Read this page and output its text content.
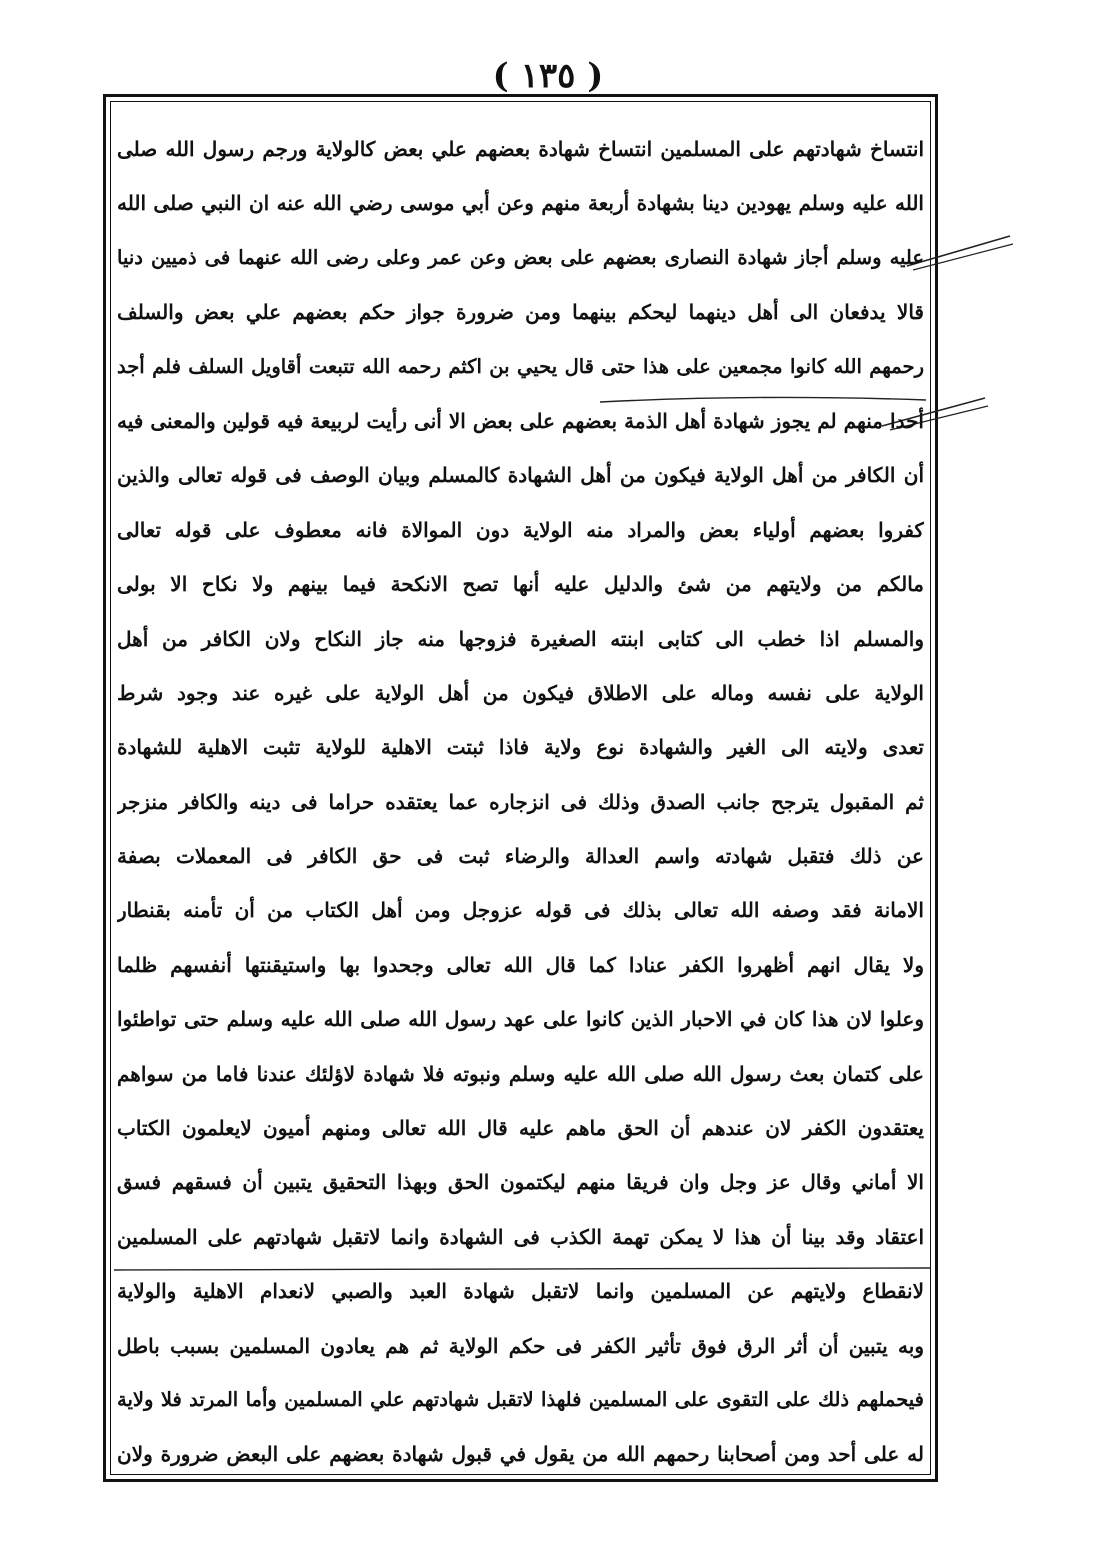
( ١٣٥ )
انتساخ شهادتهم على المسلمين انتساخ شهادة بعضهم علي بعض كالولاية ورجم رسول الله صلى
الله عليه وسلم يهودين دينا بشهادة أربعة منهم وعن أبي موسى رضي الله عنه ان النبي صلى الله
عليه وسلم أجاز شهادة النصارى بعضهم على بعض وعن عمر وعلى رضى الله عنهما فى ذميين دنيا
قالا يدفعان الى أهل دينهما ليحكم بينهما ومن ضرورة جواز حكم بعضهم علي بعض والسلف
رحمهم الله كانوا مجمعين على هذا حتى قال يحيي بن اكثم رحمه الله تتبعت أقاويل السلف فلم أجد
أحدا منهم لم يجوز شهادة أهل الذمة بعضهم على بعض الا أنى رأيت لربيعة فيه قولين والمعنى فيه
أن الكافر من أهل الولاية فيكون من أهل الشهادة كالمسلم وبيان الوصف فى قوله تعالى والذين
كفروا بعضهم أولياء بعض والمراد منه الولاية دون الموالاة فانه معطوف على قوله تعالى
مالكم من ولايتهم من شئ والدليل عليه أنها تصح الانكحة فيما بينهم ولا نكاح الا بولى
والمسلم اذا خطب الى كتابى ابنته الصغيرة فزوجها منه جاز النكاح ولان الكافر من أهل
الولاية على نفسه وماله على الاطلاق فيكون من أهل الولاية على غيره عند وجود شرط
تعدى ولايته الى الغير والشهادة نوع ولاية فاذا ثبتت الاهلية للولاية تثبت الاهلية للشهادة
ثم المقبول يترجح جانب الصدق وذلك فى انزجاره عما يعتقده حراما فى دينه والكافر منزجر
عن ذلك فتقبل شهادته واسم العدالة والرضاء ثبت فى حق الكافر فى المعملات بصفة
الامانة فقد وصفه الله تعالى بذلك فى قوله عزوجل ومن أهل الكتاب من أن تأمنه بقنطار
ولا يقال انهم أظهروا الكفر عنادا كما قال الله تعالى وجحدوا بها واستيقنتها أنفسهم ظلما
وعلوا لان هذا كان في الاحبار الذين كانوا على عهد رسول الله صلى الله عليه وسلم حتى تواطئوا
على كتمان بعث رسول الله صلى الله عليه وسلم ونبوته فلا شهادة لاؤلئك عندنا فاما من سواهم
يعتقدون الكفر لان عندهم أن الحق ماهم عليه قال الله تعالى ومنهم أميون لايعلمون الكتاب
الا أماني وقال عز وجل وان فريقا منهم ليكتمون الحق وبهذا التحقيق يتبين أن فسقهم فسق
اعتقاد وقد بينا أن هذا لا يمكن تهمة الكذب فى الشهادة وانما لاتقبل شهادتهم على المسلمين
لانقطاع ولايتهم عن المسلمين وانما لاتقبل شهادة العبد والصبي لانعدام الاهلية والولاية
وبه يتبين أن أثر الرق فوق تأثير الكفر فى حكم الولاية ثم هم يعادون المسلمين بسبب باطل
فيحملهم ذلك على التقوى على المسلمين فلهذا لاتقبل شهادتهم علي المسلمين وأما المرتد فلا ولاية
له على أحد ومن أصحابنا رحمهم الله من يقول في قبول شهادة بعضهم على البعض ضرورة ولان
